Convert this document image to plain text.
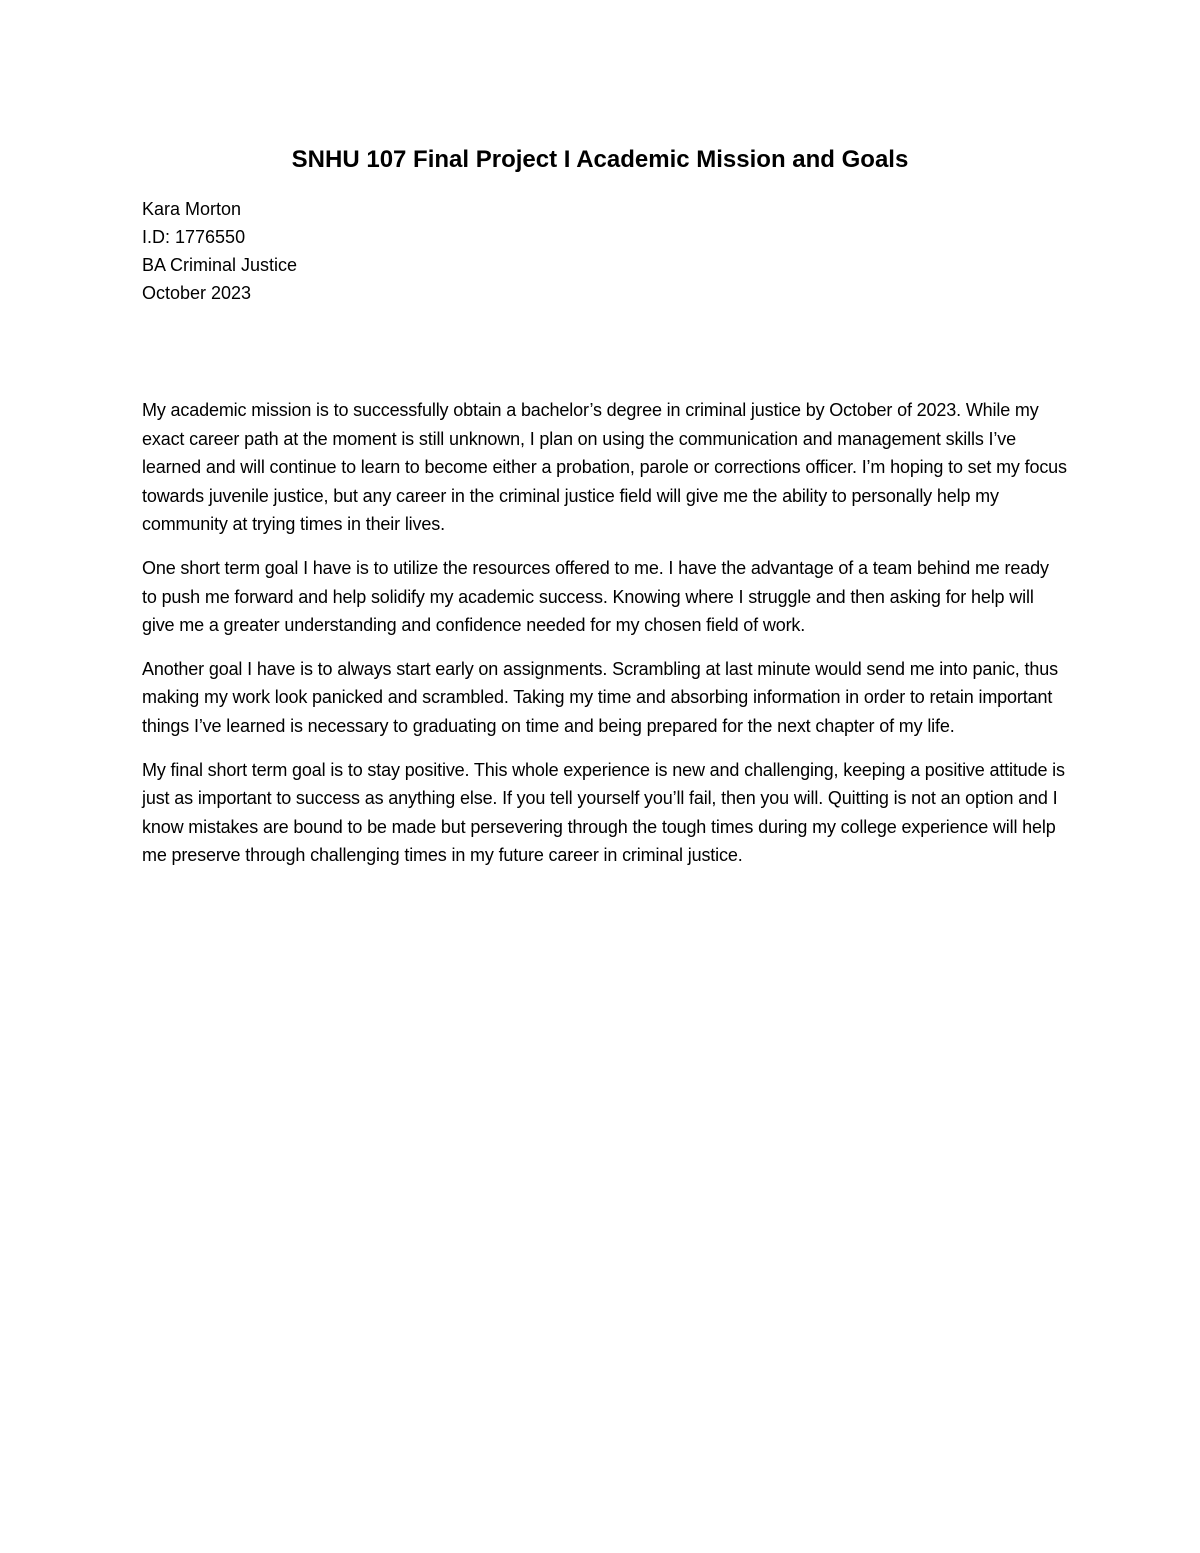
SNHU 107 Final Project I Academic Mission and Goals
Kara Morton
I.D: 1776550
BA Criminal Justice
October 2023

My academic mission is to successfully obtain a bachelor’s degree in criminal justice by October of 2023. While my exact career path at the moment is still unknown, I plan on using the communication and management skills I’ve learned and will continue to learn to become either a probation, parole or corrections officer. I’m hoping to set my focus towards juvenile justice, but any career in the criminal justice field will give me the ability to personally help my community at trying times in their lives.

One short term goal I have is to utilize the resources offered to me. I have the advantage of a team behind me ready to push me forward and help solidify my academic success. Knowing where I struggle and then asking for help will give me a greater understanding and confidence needed for my chosen field of work.

Another goal I have is to always start early on assignments. Scrambling at last minute would send me into panic, thus making my work look panicked and scrambled. Taking my time and absorbing information in order to retain important things I’ve learned is necessary to graduating on time and being prepared for the next chapter of my life.

My final short term goal is to stay positive. This whole experience is new and challenging, keeping a positive attitude is just as important to success as anything else. If you tell yourself you’ll fail, then you will. Quitting is not an option and I know mistakes are bound to be made but persevering through the tough times during my college experience will help me preserve through challenging times in my future career in criminal justice.
